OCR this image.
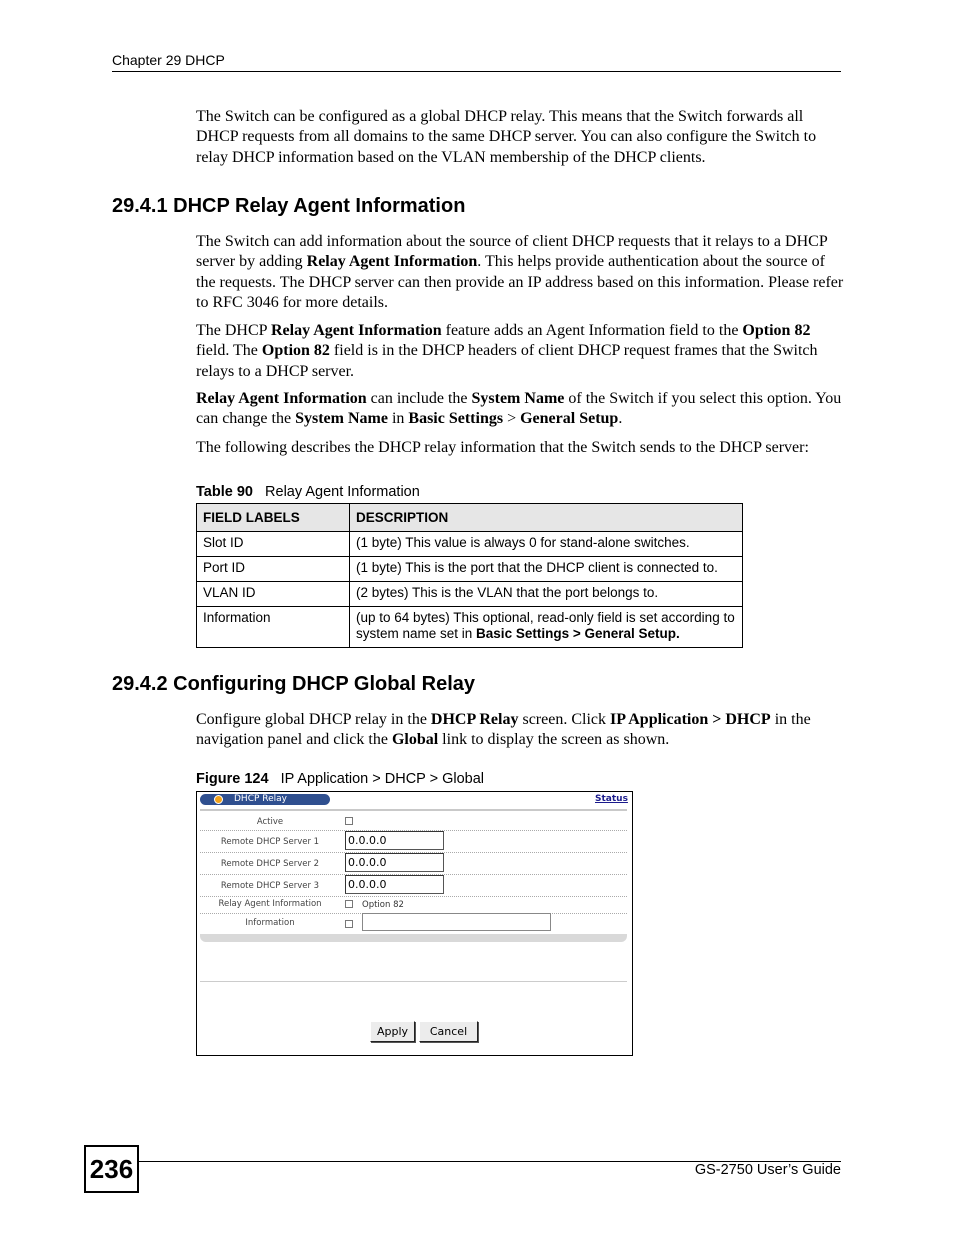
Chapter 29 DHCP
The Switch can be configured as a global DHCP relay. This means that the Switch forwards all DHCP requests from all domains to the same DHCP server. You can also configure the Switch to relay DHCP information based on the VLAN membership of the DHCP clients.
29.4.1 DHCP Relay Agent Information
The Switch can add information about the source of client DHCP requests that it relays to a DHCP server by adding Relay Agent Information. This helps provide authentication about the source of the requests. The DHCP server can then provide an IP address based on this information. Please refer to RFC 3046 for more details.
The DHCP Relay Agent Information feature adds an Agent Information field to the Option 82 field. The Option 82 field is in the DHCP headers of client DHCP request frames that the Switch relays to a DHCP server.
Relay Agent Information can include the System Name of the Switch if you select this option. You can change the System Name in Basic Settings > General Setup.
The following describes the DHCP relay information that the Switch sends to the DHCP server:
Table 90 Relay Agent Information
FIELD LABELS	DESCRIPTION
Slot ID	(1 byte) This value is always 0 for stand-alone switches.
Port ID	(1 byte) This is the port that the DHCP client is connected to.
VLAN ID	(2 bytes) This is the VLAN that the port belongs to.
Information	(up to 64 bytes) This optional, read-only field is set according to system name set in Basic Settings > General Setup.
29.4.2 Configuring DHCP Global Relay
Configure global DHCP relay in the DHCP Relay screen. Click IP Application > DHCP in the navigation panel and click the Global link to display the screen as shown.
Figure 124 IP Application > DHCP > Global
DHCP Relay	Status
Active
Remote DHCP Server 1	0.0.0.0
Remote DHCP Server 2	0.0.0.0
Remote DHCP Server 3	0.0.0.0
Relay Agent Information	Option 82
Information
Apply	Cancel
236	GS-2750 User’s Guide
